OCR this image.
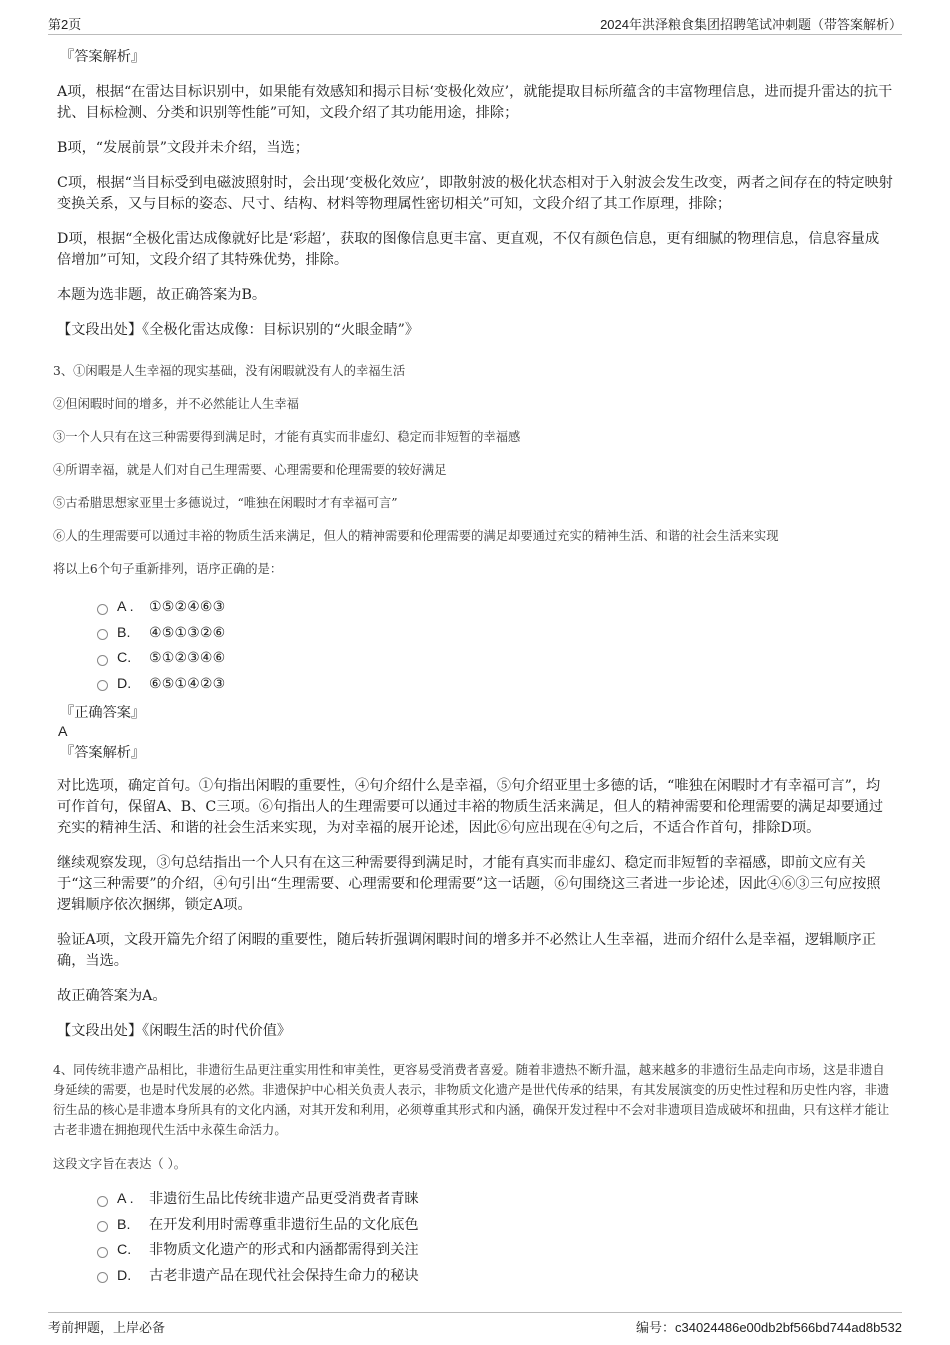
第2页	2024年洪泽粮食集团招聘笔试冲刺题（带答案解析）

『答案解析』

A项，根据“在雷达目标识别中，如果能有效感知和揭示目标‘变极化效应’，就能提取目标所蕴含的丰富物理信息，进而提升雷达的抗干扰、目标检测、分类和识别等性能”可知，文段介绍了其功能用途，排除；

B项，“发展前景”文段并未介绍，当选；

C项，根据“当目标受到电磁波照射时，会出现‘变极化效应’，即散射波的极化状态相对于入射波会发生改变，两者之间存在的特定映射变换关系，又与目标的姿态、尺寸、结构、材料等物理属性密切相关”可知，文段介绍了其工作原理，排除；

D项，根据“全极化雷达成像就好比是‘彩超’，获取的图像信息更丰富、更直观，不仅有颜色信息，更有细腻的物理信息，信息容量成倍增加”可知，文段介绍了其特殊优势，排除。

本题为选非题，故正确答案为B。

【文段出处】《全极化雷达成像：目标识别的“火眼金睛”》

3、①闲暇是人生幸福的现实基础，没有闲暇就没有人的幸福生活

②但闲暇时间的增多，并不必然能让人生幸福

③一个人只有在这三种需要得到满足时，才能有真实而非虚幻、稳定而非短暂的幸福感

④所谓幸福，就是人们对自己生理需要、心理需要和伦理需要的较好满足

⑤古希腊思想家亚里士多德说过，“唯独在闲暇时才有幸福可言”

⑥人的生理需要可以通过丰裕的物质生活来满足，但人的精神需要和伦理需要的满足却要通过充实的精神生活、和谐的社会生活来实现

将以上6个句子重新排列，语序正确的是：

A .	①⑤②④⑥③
B.	④⑤①③②⑥
C.	⑤①②③④⑥
D.	⑥⑤①④②③

『正确答案』

A

『答案解析』

对比选项，确定首句。①句指出闲暇的重要性，④句介绍什么是幸福，⑤句介绍亚里士多德的话，“唯独在闲暇时才有幸福可言”，均可作首句，保留A、B、C三项。⑥句指出人的生理需要可以通过丰裕的物质生活来满足，但人的精神需要和伦理需要的满足却要通过充实的精神生活、和谐的社会生活来实现，为对幸福的展开论述，因此⑥句应出现在④句之后，不适合作首句，排除D项。

继续观察发现，③句总结指出一个人只有在这三种需要得到满足时，才能有真实而非虚幻、稳定而非短暂的幸福感，即前文应有关于“这三种需要”的介绍，④句引出“生理需要、心理需要和伦理需要”这一话题，⑥句围绕这三者进一步论述，因此④⑥③三句应按照逻辑顺序依次捆绑，锁定A项。

验证A项，文段开篇先介绍了闲暇的重要性，随后转折强调闲暇时间的增多并不必然让人生幸福，进而介绍什么是幸福，逻辑顺序正确，当选。

故正确答案为A。

【文段出处】《闲暇生活的时代价值》

4、同传统非遗产品相比，非遗衍生品更注重实用性和审美性，更容易受消费者喜爱。随着非遗热不断升温，越来越多的非遗衍生品走向市场，这是非遗自身延续的需要，也是时代发展的必然。非遗保护中心相关负责人表示，非物质文化遗产是世代传承的结果，有其发展演变的历史性过程和历史性内容，非遗衍生品的核心是非遗本身所具有的文化内涵，对其开发和利用，必须尊重其形式和内涵，确保开发过程中不会对非遗项目造成破坏和扭曲，只有这样才能让古老非遗在拥抱现代生活中永葆生命活力。

这段文字旨在表达（ ）。

A .	非遗衍生品比传统非遗产品更受消费者青睐
B.	在开发利用时需尊重非遗衍生品的文化底色
C.	非物质文化遗产的形式和内涵都需得到关注
D.	古老非遗产品在现代社会保持生命力的秘诀
考前押题，上岸必备	编号：c34024486e00db2bf566bd744ad8b532
